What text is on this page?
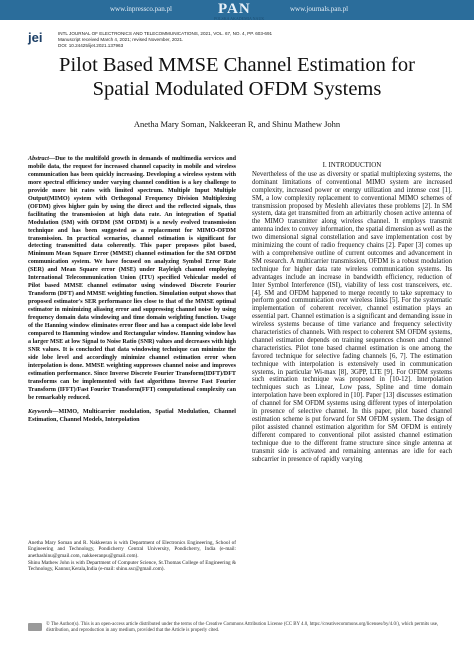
www.inpressco.pan.pl	PAN	www.journals.pan.pl
POLSKA AKADEMIA NAUK
jei	INTL JOURNAL OF ELECTRONICS AND TELECOMMUNICATIONS, 2021, VOL. 67, NO. 4, PP. 603-691
Manuscript received March 4, 2021; revised November, 2021.
DOI: 10.24425/ijet.2021.137963
Pilot Based MMSE Channel Estimation for
Spatial Modulated OFDM Systems
Anetha Mary Soman, Nakkeeran R, and Shinu Mathew John

Abstract—Due to the multifold growth in demands of multimedia services and mobile data, the request for increased channel capacity in mobile and wireless communication has been quickly increasing. Developing a wireless system with more spectral efficiency under varying channel condition is a key challenge to provide more bit rates with limited spectrum. Multiple Input Multiple Output(MIMO) system with Orthogonal Frequency Division Multiplexing (OFDM) gives higher gain by using the direct and the reflected signals, thus facilitating the transmission at high data rate. An integration of Spatial Modulation (SM) with OFDM (SM OFDM) is a newly evolved transmission technique and has been suggested as a replacement for MIMO-OFDM transmission. In practical scenarios, channel estimation is significant for detecting transmitted data coherently. This paper proposes pilot based, Minimum Mean Square Error (MMSE) channel estimation for the SM OFDM communication system. We have focused on analyzing Symbol Error Rate (SER) and Mean Square error (MSE) under Rayleigh channel employing International Telecommunication Union (ITU) specified Vehicular model of Pilot based MMSE channel estimator using windowed Discrete Fourier Transform (DFT) and MMSE weighting function. Simulation output shows that proposed estimator's SER performance lies close to that of the MMSE optimal estimator in minimizing aliasing error and suppressing channel noise by using frequency domain data windowing and time domain weighting function. Usage of the Hanning window eliminates error floor and has a compact side lobe level compared to Hamming window and Rectangular window. Hanning window has a larger MSE at low Signal to Noise Ratio (SNR) values and decreases with high SNR values. It is concluded that data windowing technique can minimize the side lobe level and accordingly minimize channel estimation error when interpolation is done. MMSE weighting suppresses channel noise and improves estimation performance. Since Inverse Discrete Fourier Transform(IDFT)/DFT transforms can be implemented with fast algorithms Inverse Fast Fourier Transform (IFFT)/Fast Fourier Transform(FFT) computational complexity can be remarkably reduced.

Keywords—MIMO, Multicarrier modulation, Spatial Modulation, Channel Estimation, Channel Models, Interpolation

Anetha Mary Soman and R. Nakkeeran is with Department of Electronics Engineering, School of Engineering and Technology, Pondicherry Central University, Pondicherry, India (e-mail: anethashinu@gmail.com, nakkeeranpu@gmail.com).

Shinu Mathew John is with Department of Computer Science, St.Thomas College of Engineering & Technology, Kannur,Kerala,India (e-mail: shinu.ssc@gmail.com).

I. INTRODUCTION

Nevertheless of the use as diversity or spatial multiplexing systems, the dominant limitations of conventional MIMO system are increased complexity, increased power or energy utilization and intense cost [1]. SM, a low complexity replacement to conventional MIMO schemes of transmission proposed by Meslehh alleviates these problems [2]. In SM system, data get transmitted from an arbitrarily chosen active antenna of the MIMO transmitter along wireless channel. It employs transmit antenna index to convey information, the spatial dimension as well as the two dimensional signal constellation and save implementation cost by minimizing the count of radio frequency chains [2]. Paper [3] comes up with a comprehensive outline of current outcomes and advancement in SM research. A multicarrier transmission, OFDM is a robust modulation technique for higher data rate wireless communication systems. Its advantages include an increase in bandwidth efficiency, reduction of Inter Symbol Interference (ISI), viability of less cost transceivers, etc. [4]. SM and OFDM happened to merge recently to take supremacy to perform good communication over wireless links [5]. For the systematic implementation of coherent receiver, channel estimation plays an essential part. Channel estimation is a significant and demanding issue in wireless systems because of time variance and frequency selectivity characteristics of channels. With respect to coherent SM OFDM systems, channel estimation depends on training sequences chosen and channel characteristics. Pilot tone based channel estimation is one among the favored technique for selective fading channels [6, 7]. The estimation technique with interpolation is extensively used in communication systems, in particular Wi-max [8], 3GPP, LTE [9]. For OFDM systems such estimation technique was proposed in [10-12]. Interpolation techniques such as Linear, Low pass, Spline and time domain interpolation have been explored in [10]. Paper [13] discusses estimation of channel for SM OFDM systems using different types of interpolation in presence of selective channel. In this paper, pilot based channel estimation scheme is put forward for SM OFDM system. The design of pilot assisted channel estimation algorithm for SM OFDM is entirely different compared to conventional pilot assisted channel estimation technique due to the different frame structure since single antenna at transmit side is activated and remaining antennas are idle for each subcarrier in presence of rapidly varying

© The Author(s). This is an open-access article distributed under the terms of the Creative Commons Attribution License (CC BY 4.0, https://creativecommons.org/licenses/by/4.0/), which permits use, distribution, and reproduction in any medium, provided that the Article is properly cited.
